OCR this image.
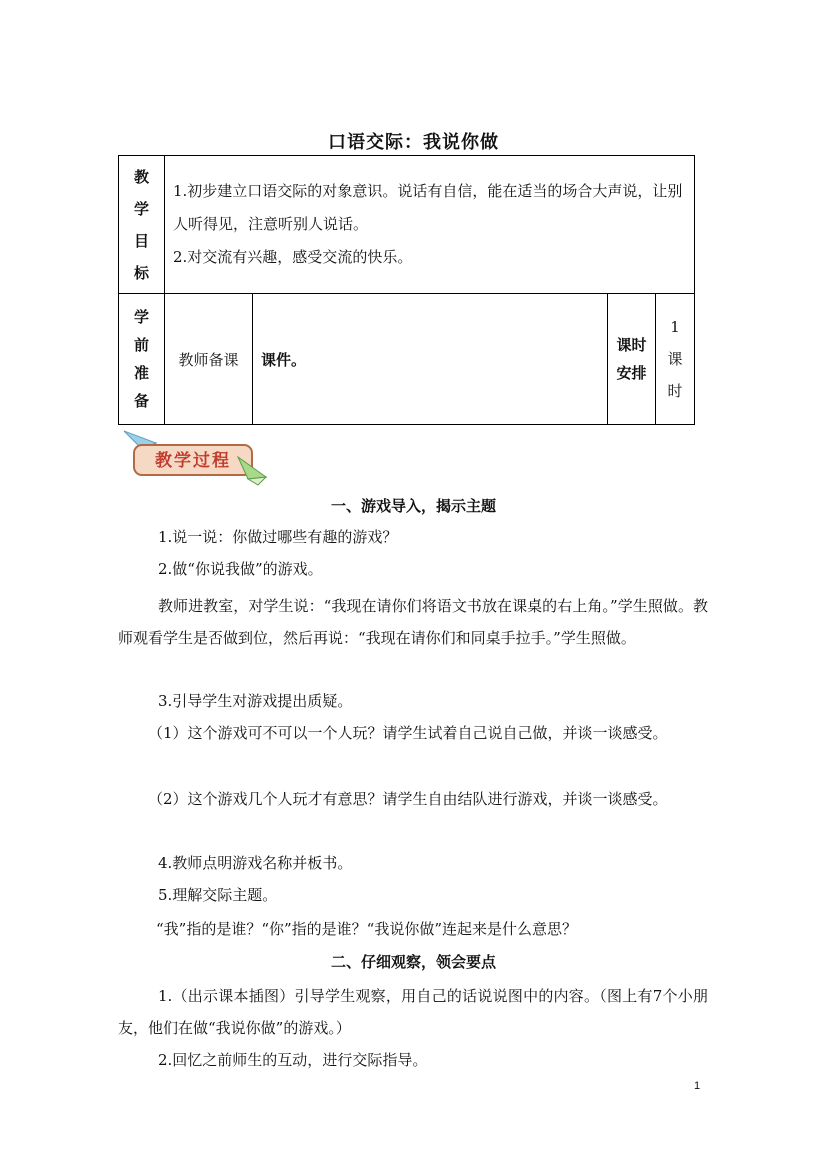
口语交际：我说你做
教学目标	1.初步建立口语交际的对象意识。说话有自信，能在适当的场合大声说，让别人听得见，注意听别人说话。

2.对交流有兴趣，感受交流的快乐。			

学前准备	教师备课	课件。	课时安排	1课时
教学过程
一、游戏导入，揭示主题

1.说一说：你做过哪些有趣的游戏？

2.做“你说我做”的游戏。

教师进教室，对学生说：“我现在请你们将语文书放在课桌的右上角。”学生照做。教师观看学生是否做到位，然后再说：“我现在请你们和同桌手拉手。”学生照做。

3.引导学生对游戏提出质疑。

（1）这个游戏可不可以一个人玩？请学生试着自己说自己做，并谈一谈感受。

（2）这个游戏几个人玩才有意思？请学生自由结队进行游戏，并谈一谈感受。

4.教师点明游戏名称并板书。

5.理解交际主题。

“我”指的是谁？“你”指的是谁？“我说你做”连起来是什么意思？

二、仔细观察，领会要点

1.（出示课本插图）引导学生观察，用自己的话说说图中的内容。（图上有7个小朋友，他们在做“我说你做”的游戏。）

2.回忆之前师生的互动，进行交际指导。

1
